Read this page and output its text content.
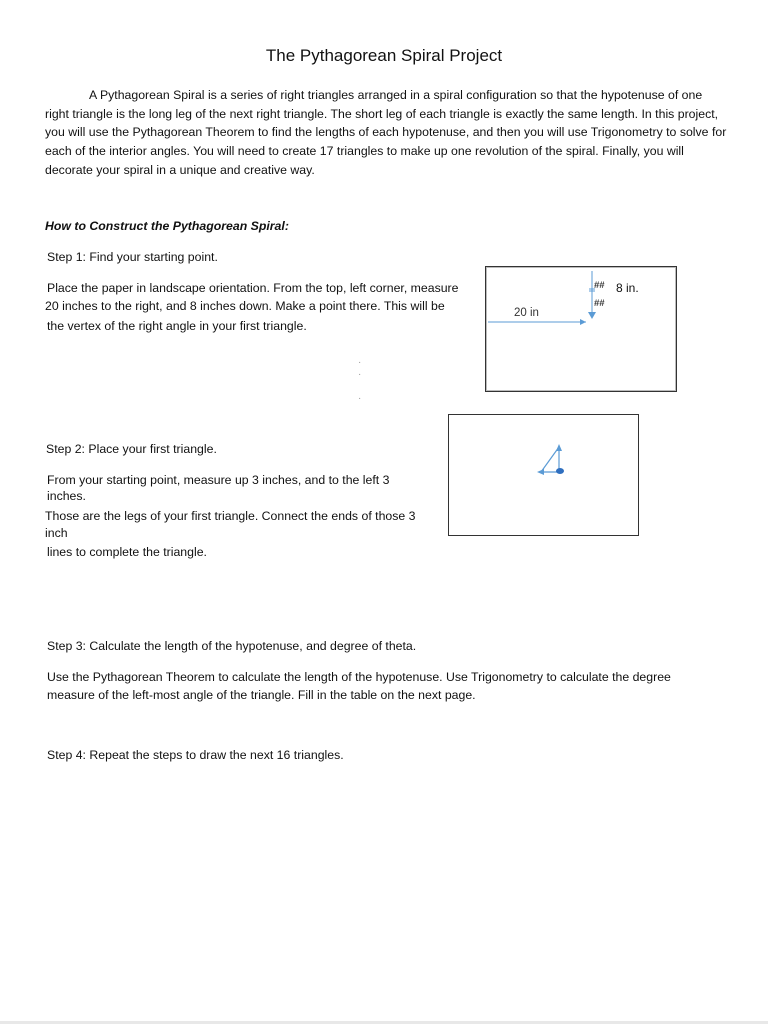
The Pythagorean Spiral Project
A Pythagorean Spiral is a series of right triangles arranged in a spiral configuration so that the hypotenuse of one right triangle is the long leg of the next right triangle. The short leg of each triangle is exactly the same length. In this project, you will use the Pythagorean Theorem to find the lengths of each hypotenuse, and then you will use Trigonometry to solve for each of the interior angles. You will need to create 17 triangles to make up one revolution of the spiral. Finally, you will decorate your spiral in a unique and creative way.
How to Construct the Pythagorean Spiral:
Step 1: Find your starting point.
Place the paper in landscape orientation. From the top, left corner, measure
20 inches to the right, and 8 inches down. Make a point there. This will be
the vertex of the right angle in your first triangle.
20 in
##
##
8 in.
·
·

·
Step 2: Place your first triangle.
From your starting point, measure up 3 inches, and to the left 3
inches.
Those are the legs of your first triangle. Connect the ends of those 3
inch
lines to complete the triangle.
Step 3: Calculate the length of the hypotenuse, and degree of theta.
Use the Pythagorean Theorem to calculate the length of the hypotenuse. Use Trigonometry to calculate the degree
measure of the left-most angle of the triangle. Fill in the table on the next page.
Step 4: Repeat the steps to draw the next 16 triangles.
